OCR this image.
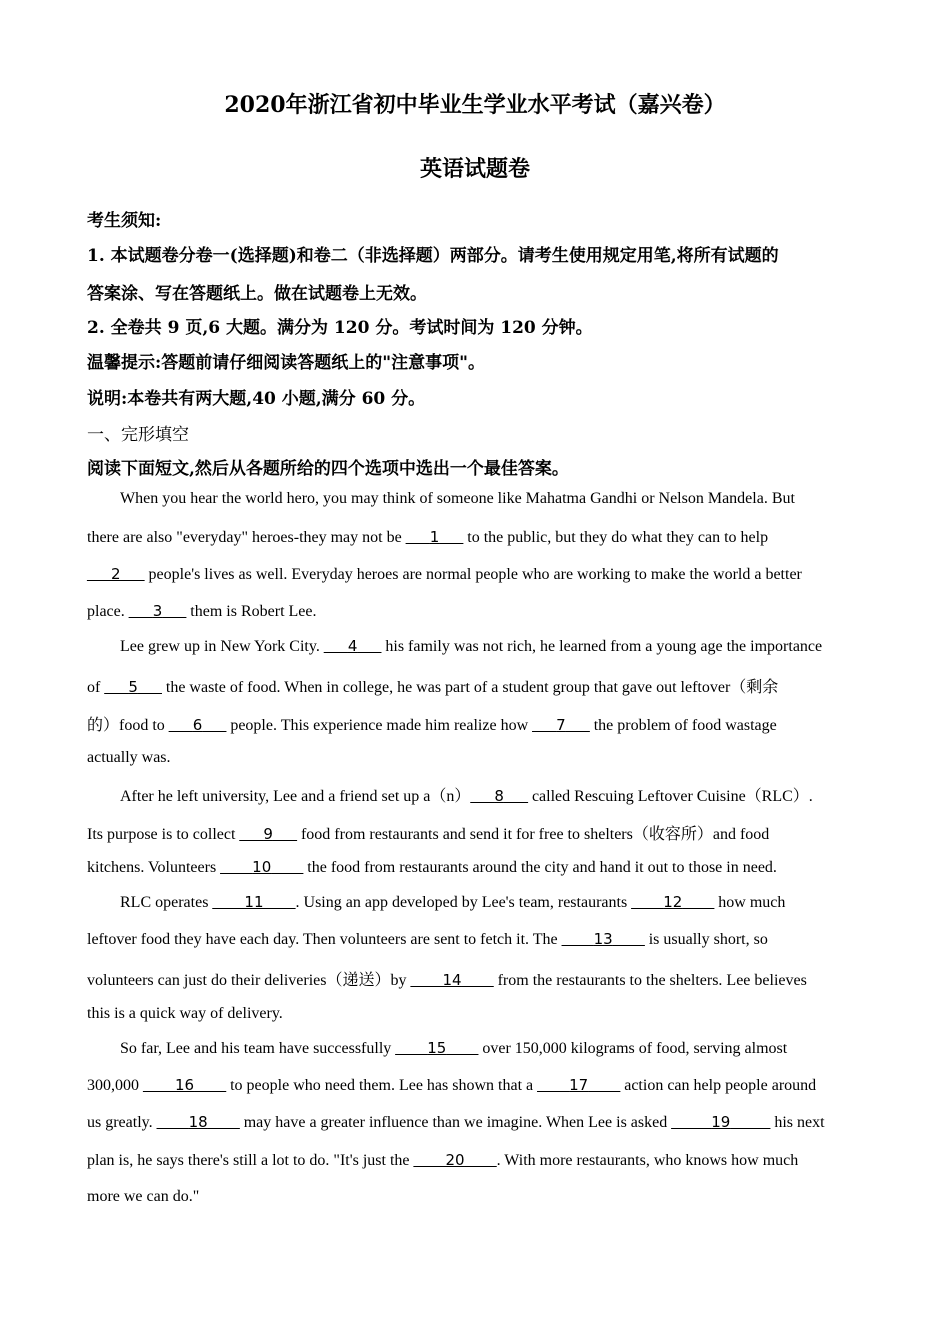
2020年浙江省初中毕业生学业水平考试（嘉兴卷）
英语试题卷
考生须知:
1. 本试题卷分卷一(选择题)和卷二（非选择题）两部分。请考生使用规定用笔,将所有试题的
答案涂、写在答题纸上。做在试题卷上无效。
2. 全卷共 9 页,6 大题。满分为 120 分。考试时间为 120 分钟。
温馨提示:答题前请仔细阅读答题纸上的"注意事项"。
说明:本卷共有两大题,40 小题,满分 60 分。
一、完形填空
阅读下面短文,然后从各题所给的四个选项中选出一个最佳答案。
When you hear the world hero, you may think of someone like Mahatma Gandhi or Nelson Mandela. But
there are also "everyday" heroes-they may not be ___1___ to the public, but they do what they can to help
___2___ people's lives as well. Everyday heroes are normal people who are working to make the world a better
place. ___3___ them is Robert Lee.
Lee grew up in New York City. ___4___ his family was not rich, he learned from a young age the importance
of ___5___ the waste of food. When in college, he was part of a student group that gave out leftover（剩余
的）food to ___6___ people. This experience made him realize how ___7___ the problem of food wastage
actually was.
After he left university, Lee and a friend set up a（n）___8___ called Rescuing Leftover Cuisine（RLC）.
Its purpose is to collect ___9___ food from restaurants and send it for free to shelters（收容所）and food
kitchens. Volunteers ____10____ the food from restaurants around the city and hand it out to those in need.
RLC operates ____11____. Using an app developed by Lee's team, restaurants ____12____ how much
leftover food they have each day. Then volunteers are sent to fetch it. The ____13____ is usually short, so
volunteers can just do their deliveries（递送）by ____14____ from the restaurants to the shelters. Lee believes
this is a quick way of delivery.
So far, Lee and his team have successfully ____15____ over 150,000 kilograms of food, serving almost
300,000 ____16____ to people who need them. Lee has shown that a ____17____ action can help people around
us greatly. ____18____ may have a greater influence than we imagine. When Lee is asked _____19_____ his next
plan is, he says there's still a lot to do. "It's just the ____20____. With more restaurants, who knows how much
more we can do."
